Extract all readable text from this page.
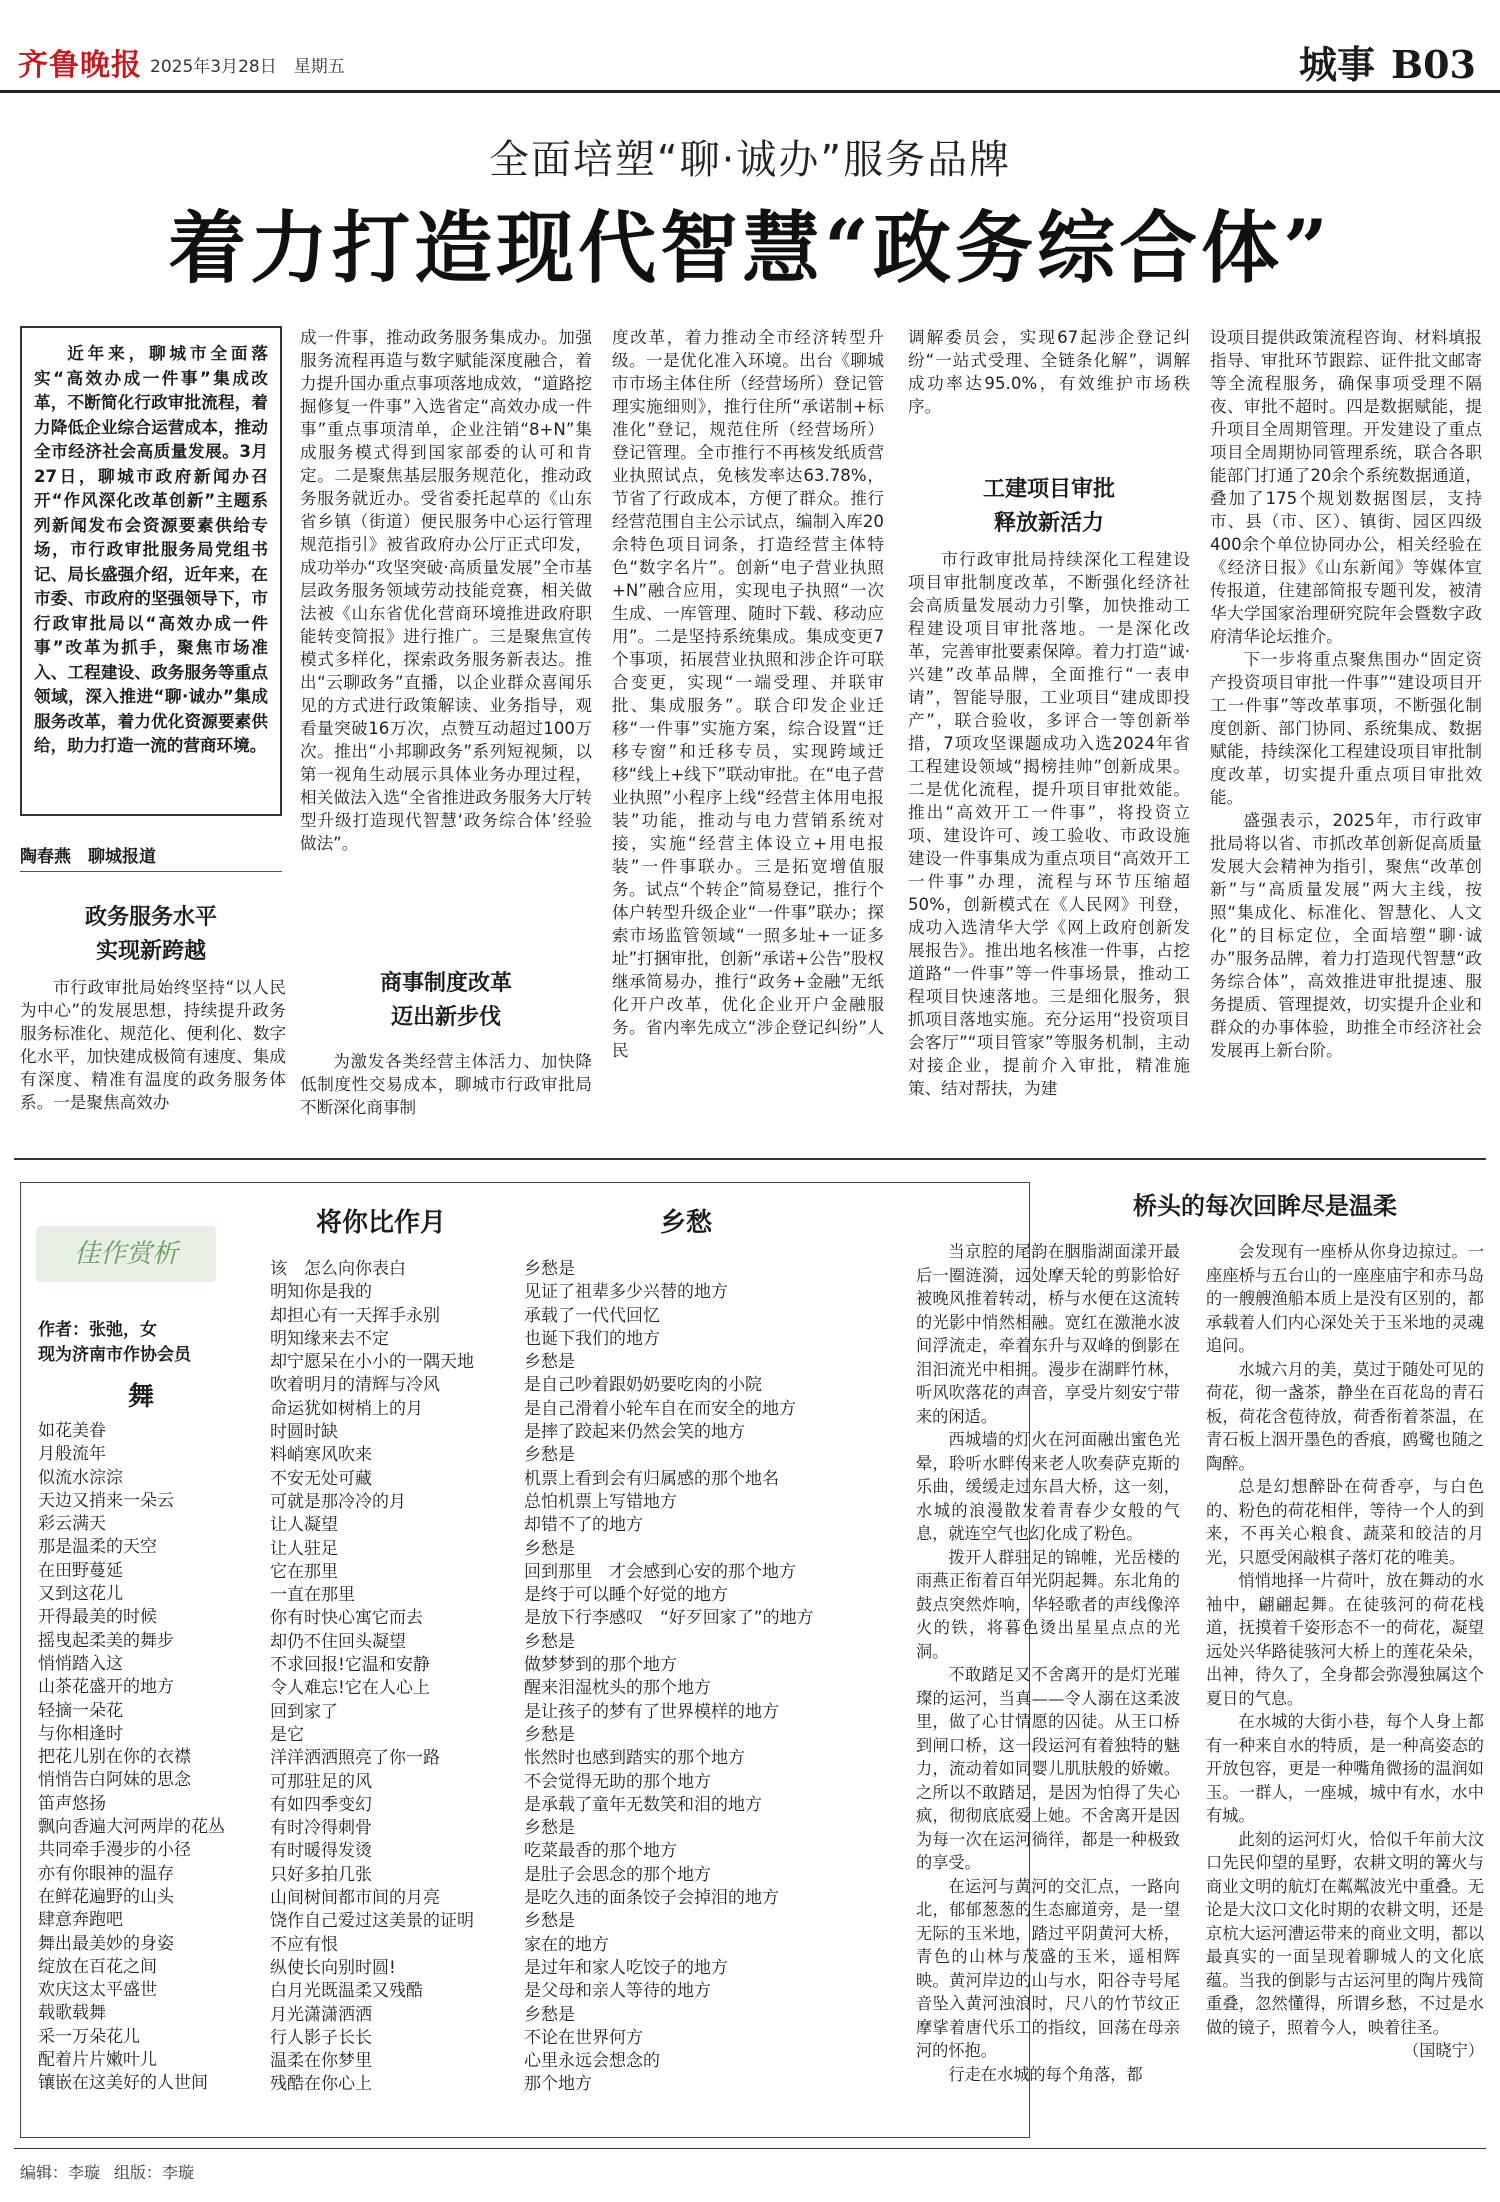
齐鲁晚报 2025年3月28日　星期五	城事 B03
全面培塑“聊·诚办”服务品牌
着力打造现代智慧“政务综合体”

近年来，聊城市全面落实“高效办成一件事”集成改革，不断简化行政审批流程，着力降低企业综合运营成本，推动全市经济社会高质量发展。3月27日，聊城市政府新闻办召开“作风深化改革创新”主题系列新闻发布会资源要素供给专场，市行政审批服务局党组书记、局长盛强介绍，近年来，在市委、市政府的坚强领导下，市行政审批局以“高效办成一件事”改革为抓手，聚焦市场准入、工程建设、政务服务等重点领域，深入推进“聊·诚办”集成服务改革，着力优化资源要素供给，助力打造一流的营商环境。

陶春燕　聊城报道
政务服务水平
实现新跨越

市行政审批局始终坚持“以人民为中心”的发展思想，持续提升政务服务标准化、规范化、便利化、数字化水平，加快建成极简有速度、集成有深度、精准有温度的政务服务体系。一是聚焦高效办

成一件事，推动政务服务集成办。加强服务流程再造与数字赋能深度融合，着力提升国办重点事项落地成效，“道路挖掘修复一件事”入选省定“高效办成一件事”重点事项清单，企业注销“8+N”集成服务模式得到国家部委的认可和肯定。二是聚焦基层服务规范化，推动政务服务就近办。受省委托起草的《山东省乡镇（街道）便民服务中心运行管理规范指引》被省政府办公厅正式印发，成功举办“攻坚突破·高质量发展”全市基层政务服务领域劳动技能竞赛，相关做法被《山东省优化营商环境推进政府职能转变简报》进行推广。三是聚焦宣传模式多样化，探索政务服务新表达。推出“云聊政务”直播，以企业群众喜闻乐见的方式进行政策解读、业务指导，观看量突破16万次，点赞互动超过100万次。推出“小邦聊政务”系列短视频，以第一视角生动展示具体业务办理过程，相关做法入选“全省推进政务服务大厅转型升级打造现代智慧‘政务综合体’经验做法”。

商事制度改革
迈出新步伐

为激发各类经营主体活力、加快降低制度性交易成本，聊城市行政审批局不断深化商事制

度改革，着力推动全市经济转型升级。一是优化准入环境。出台《聊城市市场主体住所（经营场所）登记管理实施细则》，推行住所“承诺制+标准化”登记，规范住所（经营场所）登记管理。全市推行不再核发纸质营业执照试点，免核发率达63.78%，节省了行政成本，方便了群众。推行经营范围自主公示试点，编制入库20余特色项目词条，打造经营主体特色“数字名片”。创新“电子营业执照+N”融合应用，实现电子执照“一次生成、一库管理、随时下载、移动应用”。二是坚持系统集成。集成变更7个事项，拓展营业执照和涉企许可联合变更，实现“一端受理、并联审批、集成服务”。联合印发企业迁移“一件事”实施方案，综合设置“迁移专窗”和迁移专员，实现跨域迁移“线上+线下”联动审批。在“电子营业执照”小程序上线“经营主体用电报装”功能，推动与电力营销系统对接，实施“经营主体设立+用电报装”一件事联办。三是拓宽增值服务。试点“个转企”简易登记，推行个体户转型升级企业“一件事”联办；探索市场监管领域“一照多址+一证多址”打捆审批，创新“承诺+公告”股权继承简易办，推行“政务+金融”无纸化开户改革，优化企业开户金融服务。省内率先成立“涉企登记纠纷”人民

调解委员会，实现67起涉企登记纠纷“一站式受理、全链条化解”，调解成功率达95.0%，有效维护市场秩序。

工建项目审批
释放新活力

市行政审批局持续深化工程建设项目审批制度改革，不断强化经济社会高质量发展动力引擎，加快推动工程建设项目审批落地。一是深化改革，完善审批要素保障。着力打造“诚·兴建”改革品牌，全面推行“一表申请”，智能导服，工业项目“建成即投产”，联合验收，多评合一等创新举措，7项攻坚课题成功入选2024年省工程建设领域“揭榜挂帅”创新成果。二是优化流程，提升项目审批效能。推出“高效开工一件事”，将投资立项、建设许可、竣工验收、市政设施建设一件事集成为重点项目“高效开工一件事”办理，流程与环节压缩超50%，创新模式在《人民网》刊登，成功入选清华大学《网上政府创新发展报告》。推出地名核准一件事，占挖道路“一件事”等一件事场景，推动工程项目快速落地。三是细化服务，狠抓项目落地实施。充分运用“投资项目会客厅”“项目管家”等服务机制，主动对接企业，提前介入审批，精准施策、结对帮扶，为建

设项目提供政策流程咨询、材料填报指导、审批环节跟踪、证件批文邮寄等全流程服务，确保事项受理不隔夜、审批不超时。四是数据赋能，提升项目全周期管理。开发建设了重点项目全周期协同管理系统，联合各职能部门打通了20余个系统数据通道，叠加了175个规划数据图层，支持市、县（市、区）、镇街、园区四级400余个单位协同办公，相关经验在《经济日报》《山东新闻》等媒体宣传报道，住建部简报专题刊发，被清华大学国家治理研究院年会暨数字政府清华论坛推介。

下一步将重点聚焦围办“固定资产投资项目审批一件事”“建设项目开工一件事”等改革事项，不断强化制度创新、部门协同、系统集成、数据赋能，持续深化工程建设项目审批制度改革，切实提升重点项目审批效能。

盛强表示，2025年，市行政审批局将以省、市抓改革创新促高质量发展大会精神为指引，聚焦“改革创新”与“高质量发展”两大主线，按照“集成化、标准化、智慧化、人文化”的目标定位，全面培塑“聊·诚办”服务品牌，着力打造现代智慧“政务综合体”，高效推进审批提速、服务提质、管理提效，切实提升企业和群众的办事体验，助推全市经济社会发展再上新台阶。

佳作赏析
作者：张弛，女
现为济南市作协会员
舞
如花美眷
月般流年
似流水淙淙
天边又捎来一朵云
彩云满天
那是温柔的天空
在田野蔓延
又到这花儿
开得最美的时候
摇曳起柔美的舞步
悄悄踏入这
山茶花盛开的地方
轻摘一朵花
与你相逢时
把花儿别在你的衣襟
悄悄告白阿妹的思念
笛声悠扬
飘向香遍大河两岸的花丛
共同牵手漫步的小径
亦有你眼神的温存
在鲜花遍野的山头
肆意奔跑吧
舞出最美妙的身姿
绽放在百花之间
欢庆这太平盛世
载歌载舞
采一万朵花儿
配着片片嫩叶儿
镶嵌在这美好的人世间
将你比作月
该　怎么向你表白
明知你是我的
却担心有一天挥手永别
明知缘来去不定
却宁愿呆在小小的一隅天地
吹着明月的清辉与冷风
命运犹如树梢上的月
时圆时缺
料峭寒风吹来
不安无处可藏
可就是那冷冷的月
让人凝望
让人驻足
它在那里
一直在那里
你有时快心寓它而去
却仍不住回头凝望
不求回报!它温和安静
令人难忘!它在人心上
回到家了
是它
洋洋洒洒照亮了你一路
可那驻足的风
有如四季变幻
有时冷得刺骨
有时暖得发烫
只好多拍几张
山间树间都市间的月亮
饶作自己爱过这美景的证明
不应有恨
纵使长向别时圆!
白月光既温柔又残酷
月光潇潇洒洒
行人影子长长
温柔在你梦里
残酷在你心上
乡愁
乡愁是
见证了祖辈多少兴替的地方
承载了一代代回忆
也诞下我们的地方
乡愁是
是自己吵着跟奶奶要吃肉的小院
是自己滑着小轮车自在而安全的地方
是摔了跤起来仍然会笑的地方
乡愁是
机票上看到会有归属感的那个地名
总怕机票上写错地方
却错不了的地方
乡愁是
回到那里　才会感到心安的那个地方
是终于可以睡个好觉的地方
是放下行李感叹　“好歹回家了”的地方
乡愁是
做梦梦到的那个地方
醒来泪湿枕头的那个地方
是让孩子的梦有了世界模样的地方
乡愁是
怅然时也感到踏实的那个地方
不会觉得无助的那个地方
是承载了童年无数笑和泪的地方
乡愁是
吃菜最香的那个地方
是肚子会思念的那个地方
是吃久违的面条饺子会掉泪的地方
乡愁是
家在的地方
是过年和家人吃饺子的地方
是父母和亲人等待的地方
乡愁是
不论在世界何方
心里永远会想念的
那个地方
桥头的每次回眸尽是温柔

当京腔的尾韵在胭脂湖面漾开最后一圈涟漪，远处摩天轮的剪影恰好被晚风推着转动，桥与水便在这流转的光影中悄然相融。宽红在激滟水波间浮流走，牵着东升与双峰的倒影在泪汩流光中相拥。漫步在湖畔竹林，听风吹落花的声音，享受片刻安宁带来的闲适。

西城墙的灯火在河面融出蜜色光晕，聆听水畔传来老人吹奏萨克斯的乐曲，缓缓走过东昌大桥，这一刻，水城的浪漫散发着青春少女般的气息，就连空气也幻化成了粉色。

拨开人群驻足的锦帷，光岳楼的雨燕正衔着百年光阴起舞。东北角的鼓点突然炸响，华轻歌者的声线像淬火的铁，将暮色烫出星星点点的光洞。

不敢踏足又不舍离开的是灯光璀璨的运河，当真——令人溺在这柔波里，做了心甘情愿的囚徒。从王口桥到闸口桥，这一段运河有着独特的魅力，流动着如同婴儿肌肤般的娇嫩。之所以不敢踏足，是因为怕得了失心疯，彻彻底底爱上她。不舍离开是因为每一次在运河徜徉，都是一种极致的享受。

在运河与黄河的交汇点，一路向北，郁郁葱葱的生态廊道旁，是一望无际的玉米地，踏过平阴黄河大桥，青色的山林与茂盛的玉米，遥相辉映。黄河岸边的山与水，阳谷寺号尾音坠入黄河浊浪时，尺八的竹节纹正摩挲着唐代乐工的指纹，回荡在母亲河的怀抱。

行走在水城的每个角落，都

会发现有一座桥从你身边掠过。一座座桥与五台山的一座座庙宇和赤马岛的一艘艘渔船本质上是没有区别的，都承载着人们内心深处关于玉米地的灵魂追问。

水城六月的美，莫过于随处可见的荷花，彻一盏茶，静坐在百花岛的青石板，荷花含苞待放，荷香衔着茶温，在青石板上洇开墨色的香痕，鸥鹭也随之陶醉。

总是幻想醉卧在荷香亭，与白色的、粉色的荷花相伴，等待一个人的到来，不再关心粮食、蔬菜和皎洁的月光，只愿受闲敲棋子落灯花的唯美。

悄悄地择一片荷叶，放在舞动的水袖中，翩翩起舞。在徒骇河的荷花栈道，抚摸着千姿形态不一的荷花，凝望远处兴华路徒骇河大桥上的莲花朵朵，出神，待久了，全身都会弥漫独属这个夏日的气息。

在水城的大街小巷，每个人身上都有一种来自水的特质，是一种高姿态的开放包容，更是一种嘴角微扬的温润如玉。一群人，一座城，城中有水，水中有城。

此刻的运河灯火，恰似千年前大汶口先民仰望的星野，农耕文明的篝火与商业文明的航灯在粼粼波光中重叠。无论是大汶口文化时期的农耕文明，还是京杭大运河漕运带来的商业文明，都以最真实的一面呈现着聊城人的文化底蕴。当我的倒影与古运河里的陶片残简重叠，忽然懂得，所谓乡愁，不过是水做的镜子，照着今人，映着往圣。

（国晓宁）
编辑：李璇 组版：李璇
